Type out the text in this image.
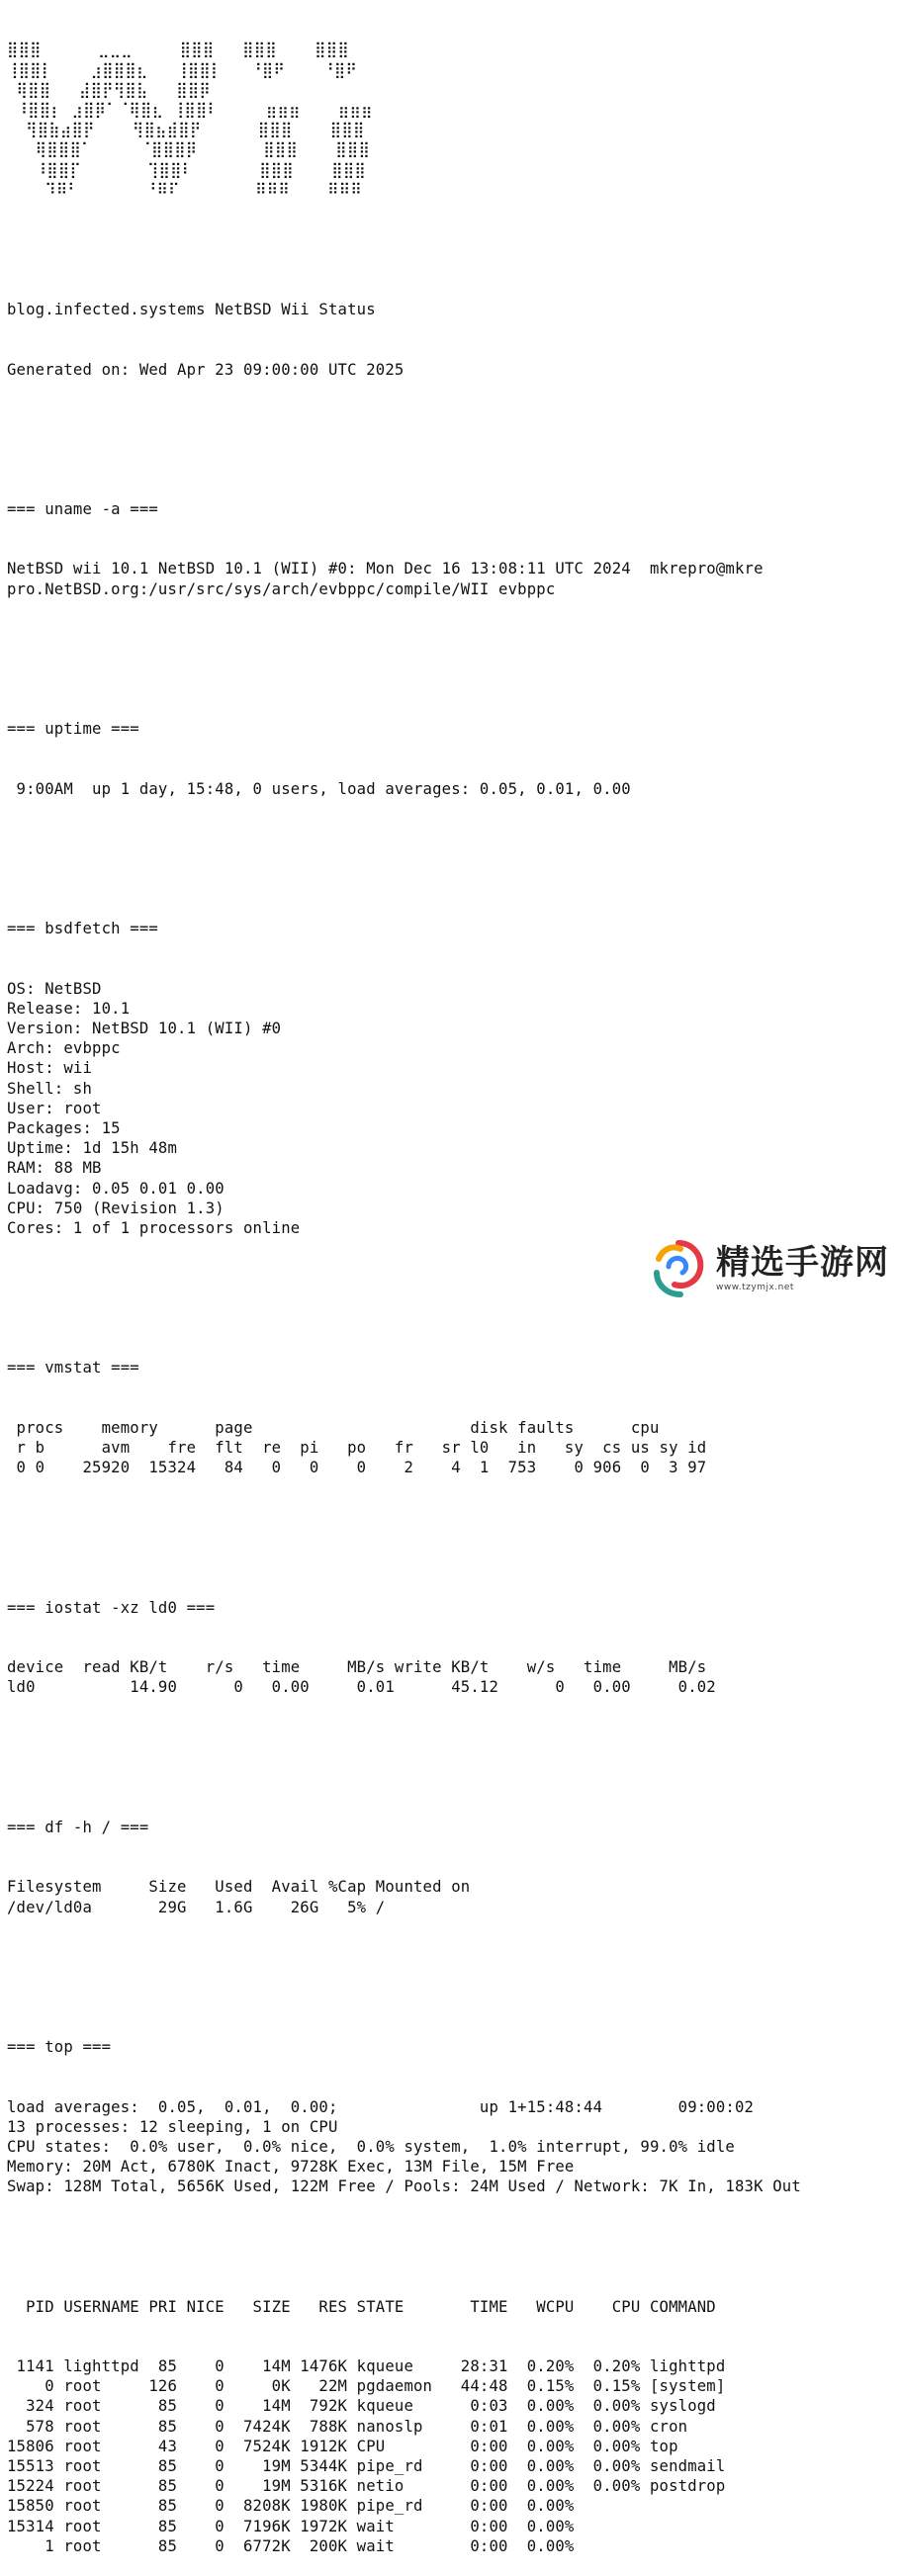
⣿⣿⣿      ⣀⣀⣀     ⣿⣿⣿   ⣿⣿⣿    ⣿⣿⣿
⢸⣿⣿⡇    ⣰⣿⣿⣿⣆   ⢸⣿⣿⡇   ⠘⣿⠟    ⠘⣿⠟
⢿⣿⣿   ⣼⣿⡟⢻⣿⣧   ⣿⣿⡿
⠸⣿⣿⡆ ⣰⣿⡿⠁⠈⢿⣿⣆ ⢸⣿⣿⠇     ⣶⣶⣶    ⣶⣶⣶
⢻⣿⣷⣴⣿⡟    ⢻⣿⣦⣾⣿⡟      ⣿⣿⣿    ⣿⣿⣿
⢿⣿⣿⣿⠁     ⠈⣿⣿⣿⡿       ⣿⣿⣿    ⣿⣿⣿
⠸⣿⣿⡏       ⢹⣿⣿⠇       ⣿⣿⣿    ⣿⣿⣿
⠹⠿⠃       ⠘⠿⠏        ⠿⠿⠿    ⠿⠿⠿

blog.infected.systems NetBSD Wii Status

Generated on: Wed Apr 23 09:00:00 UTC 2025

=== uname -a ===

NetBSD wii 10.1 NetBSD 10.1 (WII) #0: Mon Dec 16 13:08:11 UTC 2024  mkrepro@mkre
pro.NetBSD.org:/usr/src/sys/arch/evbppc/compile/WII evbppc

=== uptime ===

9:00AM  up 1 day, 15:48, 0 users, load averages: 0.05, 0.01, 0.00

=== bsdfetch ===

OS: NetBSD
Release: 10.1
Version: NetBSD 10.1 (WII) #0
Arch: evbppc
Host: wii
Shell: sh
User: root
Packages: 15
Uptime: 1d 15h 48m
RAM: 88 MB
Loadavg: 0.05 0.01 0.00
CPU: 750 (Revision 1.3)
Cores: 1 of 1 processors online

=== vmstat ===

procs    memory      page                       disk faults      cpu
r b      avm    fre  flt  re  pi   po   fr   sr l0   in   sy  cs us sy id
0 0    25920  15324   84   0   0    0    2    4  1  753    0 906  0  3 97

=== iostat -xz ld0 ===

device  read KB/t    r/s   time     MB/s write KB/t    w/s   time     MB/s
ld0          14.90      0   0.00     0.01      45.12      0   0.00     0.02

=== df -h / ===

Filesystem     Size   Used  Avail %Cap Mounted on
/dev/ld0a       29G   1.6G    26G   5% /

=== top ===

load averages:  0.05,  0.01,  0.00;               up 1+15:48:44        09:00:02
13 processes: 12 sleeping, 1 on CPU
CPU states:  0.0% user,  0.0% nice,  0.0% system,  1.0% interrupt, 99.0% idle
Memory: 20M Act, 6780K Inact, 9728K Exec, 13M File, 15M Free
Swap: 128M Total, 5656K Used, 122M Free / Pools: 24M Used / Network: 7K In, 183K Out

PID USERNAME PRI NICE   SIZE   RES STATE       TIME   WCPU    CPU COMMAND

1141 lighttpd  85    0    14M 1476K kqueue     28:31  0.20%  0.20% lighttpd
0 root     126    0     0K   22M pgdaemon   44:48  0.15%  0.15% [system]
324 root      85    0    14M  792K kqueue      0:03  0.00%  0.00% syslogd
578 root      85    0  7424K  788K nanoslp     0:01  0.00%  0.00% cron
15806 root      43    0  7524K 1912K CPU         0:00  0.00%  0.00% top
15513 root      85    0    19M 5344K pipe_rd     0:00  0.00%  0.00% sendmail
15224 root      85    0    19M 5316K netio       0:00  0.00%  0.00% postdrop
15850 root      85    0  8208K 1980K pipe_rd     0:00  0.00%
15314 root      85    0  7196K 1972K wait        0:00  0.00%
1 root      85    0  6772K  200K wait        0:00  0.00%

精选手游网
www.tzymjx.net
